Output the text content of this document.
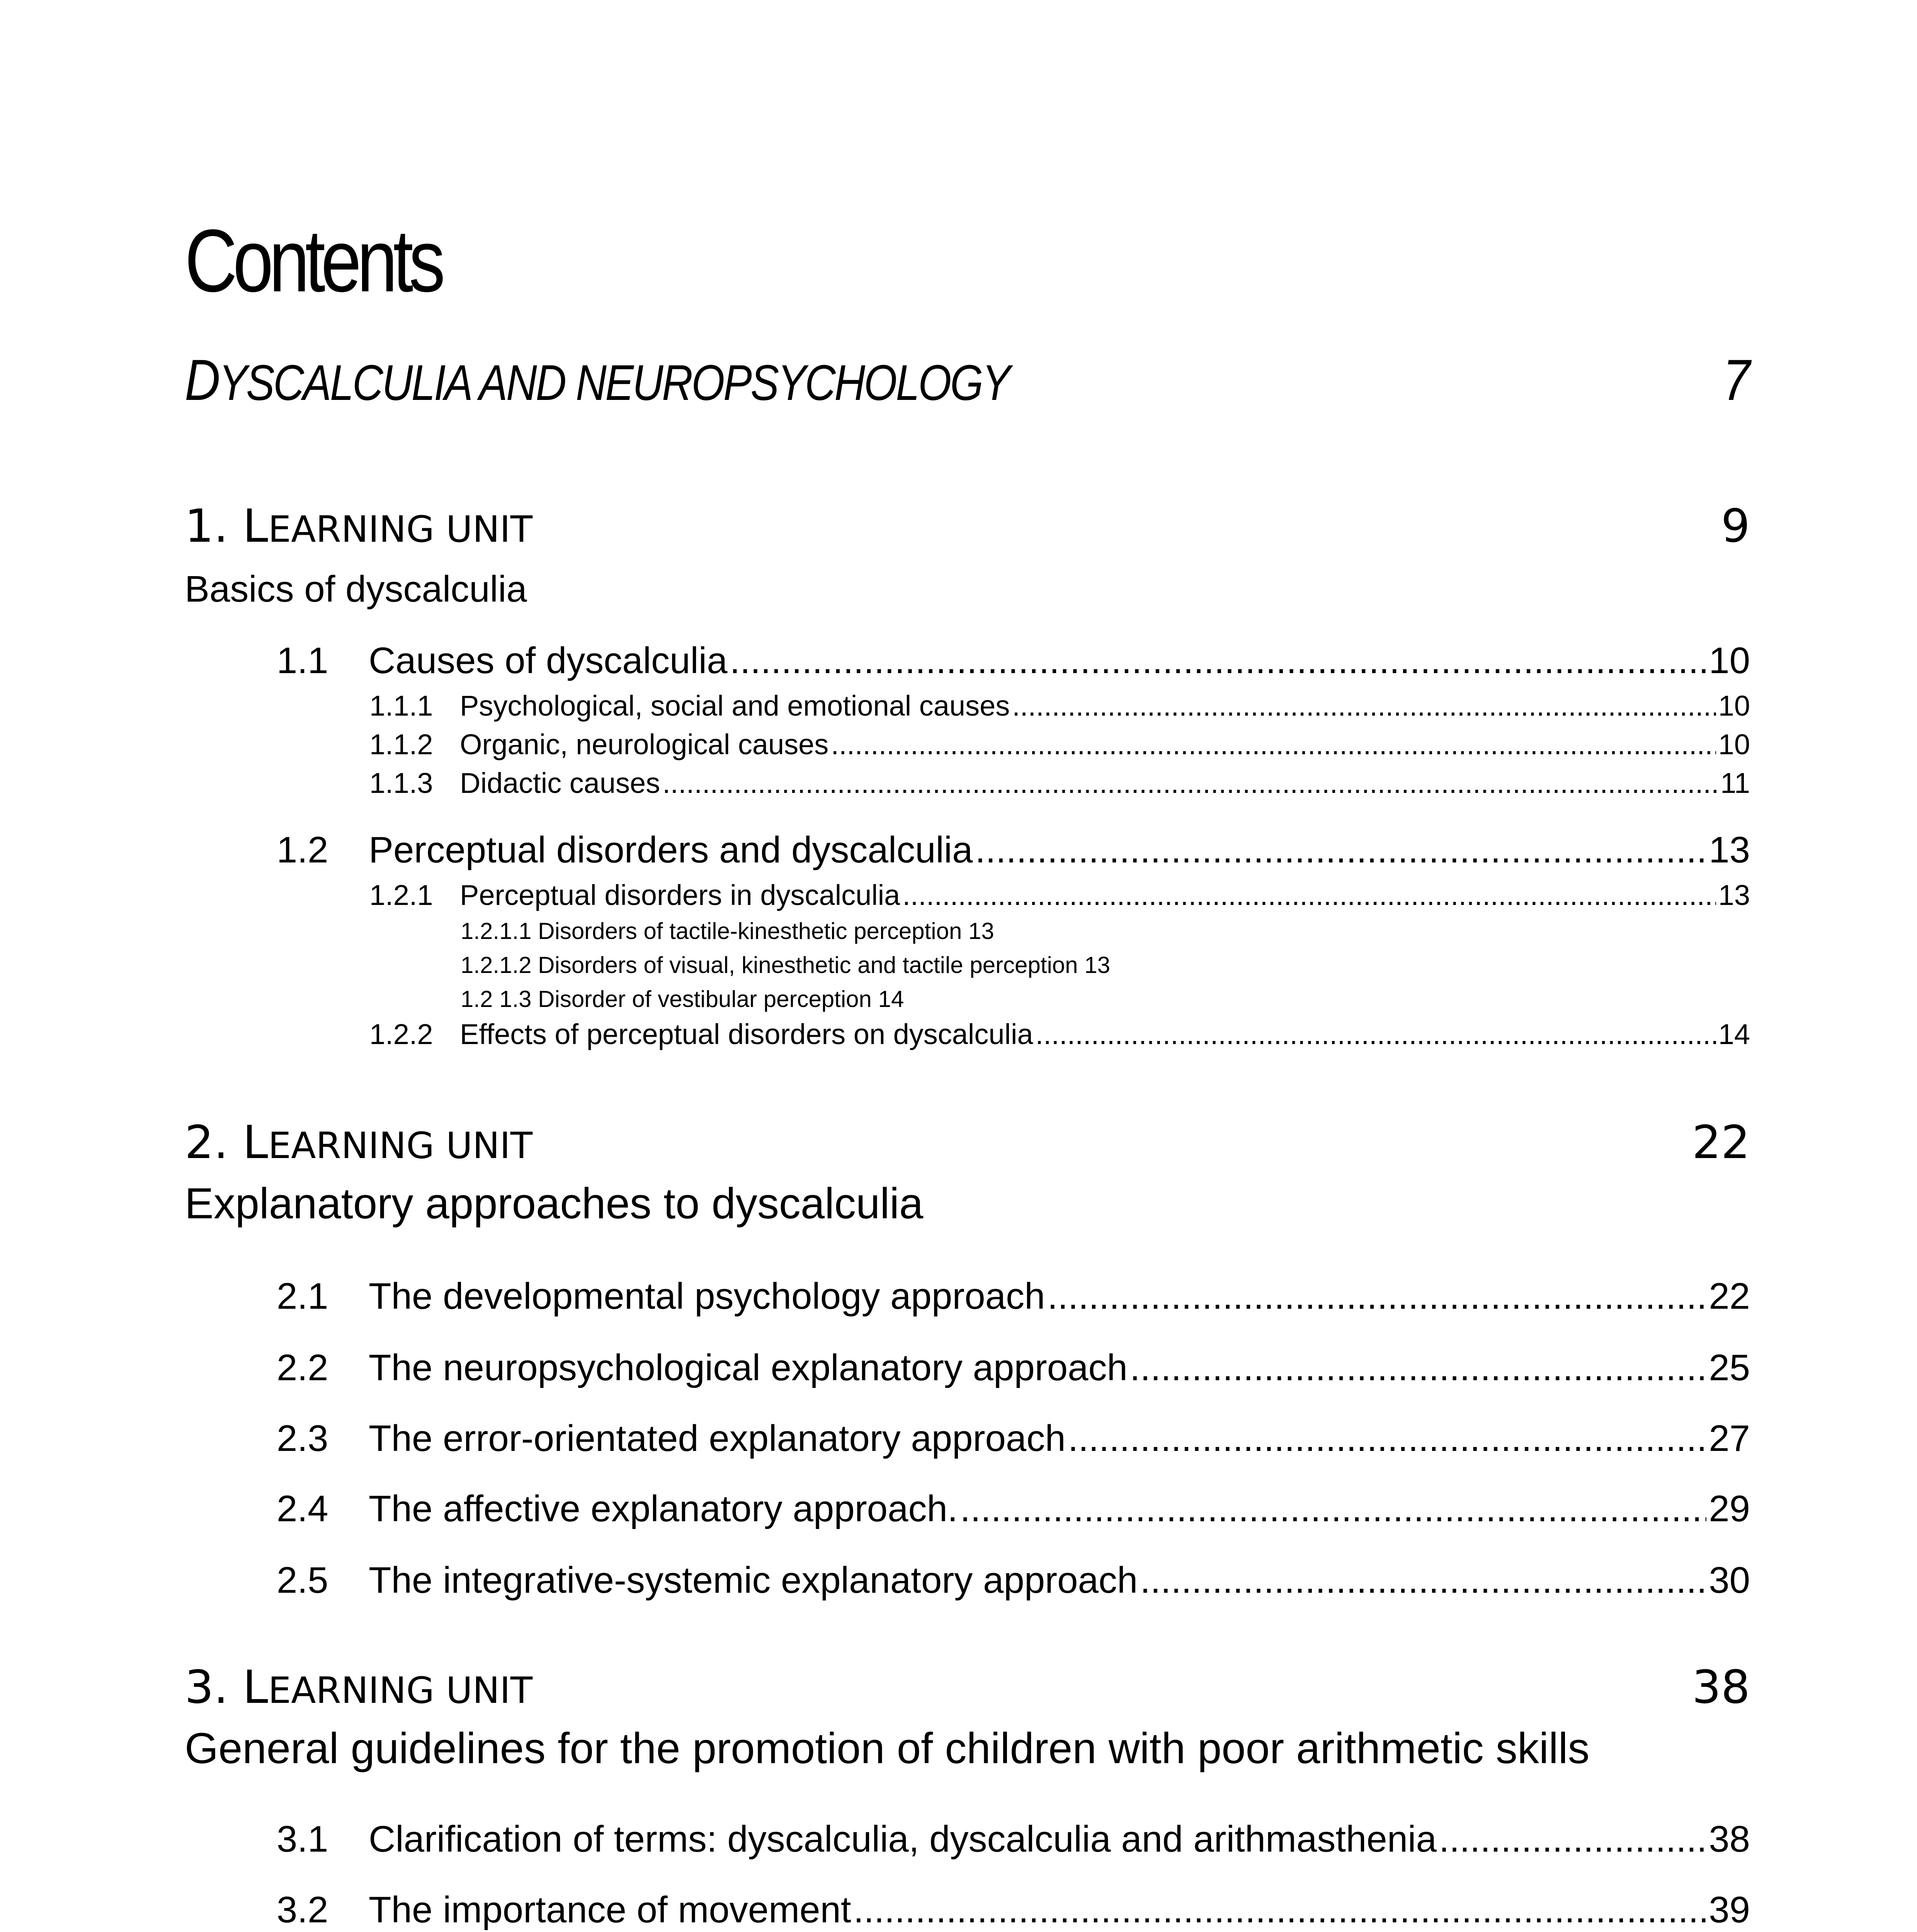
Contents
DYSCALCULIA AND NEUROPSYCHOLOGY	7
1. LEARNING UNIT	9
Basics of dyscalculia
1.1	Causes of dyscalculia .....	10
1.1.1 Psychological, social and emotional causes .....	10
1.1.2 Organic, neurological causes .....	10
1.1.3 Didactic causes .....	11
1.2	Perceptual disorders and dyscalculia .....	13
1.2.1 Perceptual disorders in dyscalculia .....	13
1.2.1.1 Disorders of tactile-kinesthetic perception 13
1.2.1.2 Disorders of visual, kinesthetic and tactile perception 13
1.2 1.3 Disorder of vestibular perception 14
1.2.2 Effects of perceptual disorders on dyscalculia .....	14
2. LEARNING UNIT	22
Explanatory approaches to dyscalculia
2.1	The developmental psychology approach .....	22
2.2	The neuropsychological explanatory approach .....	25
2.3	The error-orientated explanatory approach .....	27
2.4	The affective explanatory approach. .....	29
2.5	The integrative-systemic explanatory approach .....	30
3. LEARNING UNIT	38
General guidelines for the promotion of children with poor arithmetic skills
3.1	Clarification of terms: dyscalculia, dyscalculia and arithmasthenia .....	38
3.2	The importance of movement .....	39
